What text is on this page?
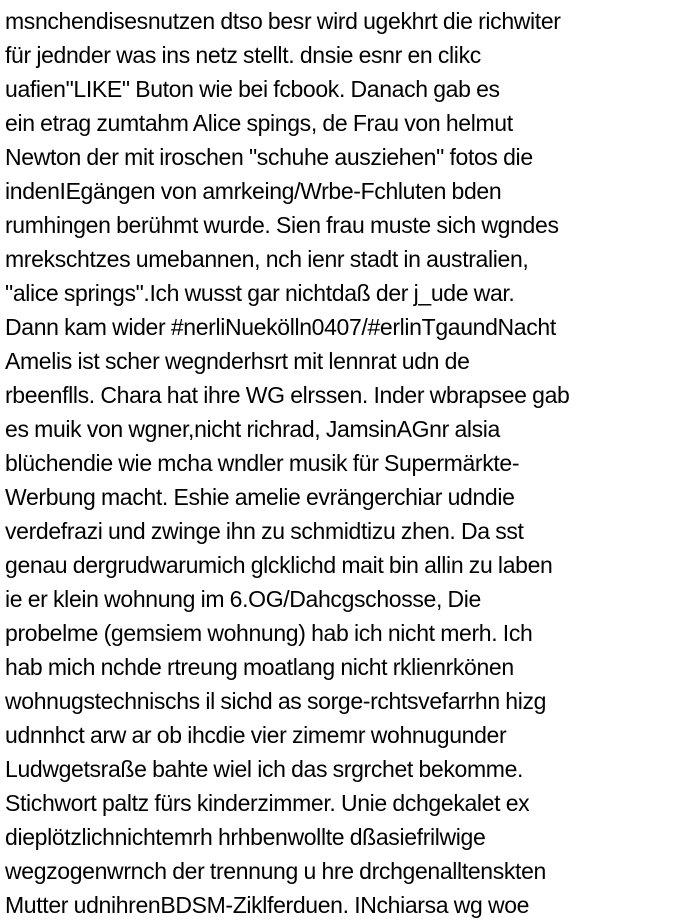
msnchendisesnutzen dtso besr wird ugekhrt die richwiter
für jednder was ins netz stellt. dnsie esnr en clikc
uafien"LIKE" Buton wie bei fcbook. Danach gab es
ein etrag zumtahm Alice spings, de Frau von helmut
Newton der mit iroschen "schuhe ausziehen" fotos die
indenIEgängen von amrkeing/Wrbe-Fchluten bden
rumhingen berühmt wurde. Sien frau muste sich wgndes
mrekschtzes umebannen, nch ienr stadt in australien,
"alice springs".Ich wusst gar nichtdaß der j_ude war.
Dann kam wider #nerliNuekölln0407/#erlinTgaundNacht
Amelis ist scher wegnderhsrt mit lennrat udn de
rbeenflls. Chara hat ihre WG elrssen. Inder wbrapsee gab
es muik von wgner,nicht richrad, JamsinAGnr alsia
blüchendie wie mcha wndler musik für Supermärkte-
Werbung macht. Eshie amelie evrängerchiar udndie
verdefrazi und zwinge ihn zu schmidtizu zhen. Da sst
genau dergrudwarumich glcklichd mait bin allin zu laben
ie er klein wohnung im 6.OG/Dahcgschosse, Die
probelme (gemsiem wohnung) hab ich nicht merh. Ich
hab mich nchde rtreung moatlang nicht rklienrkönen
wohnugstechnischs il sichd as sorge-rchtsvefarrhn hizg
udnnhct arw ar ob ihcdie vier zimemr wohnugunder
Ludwgetsraße bahte wiel ich das srgrchet bekomme.
Stichwort paltz fürs kinderzimmer. Unie dchgekalet ex
dieplötzlichnichtemrh hrhbenwollte dßasiefrilwige
wegzogenwrnch der trennung u hre drchgenalltenskten
Mutter udnihrenBDSM-Ziklferduen. INchiarsa wg woe
